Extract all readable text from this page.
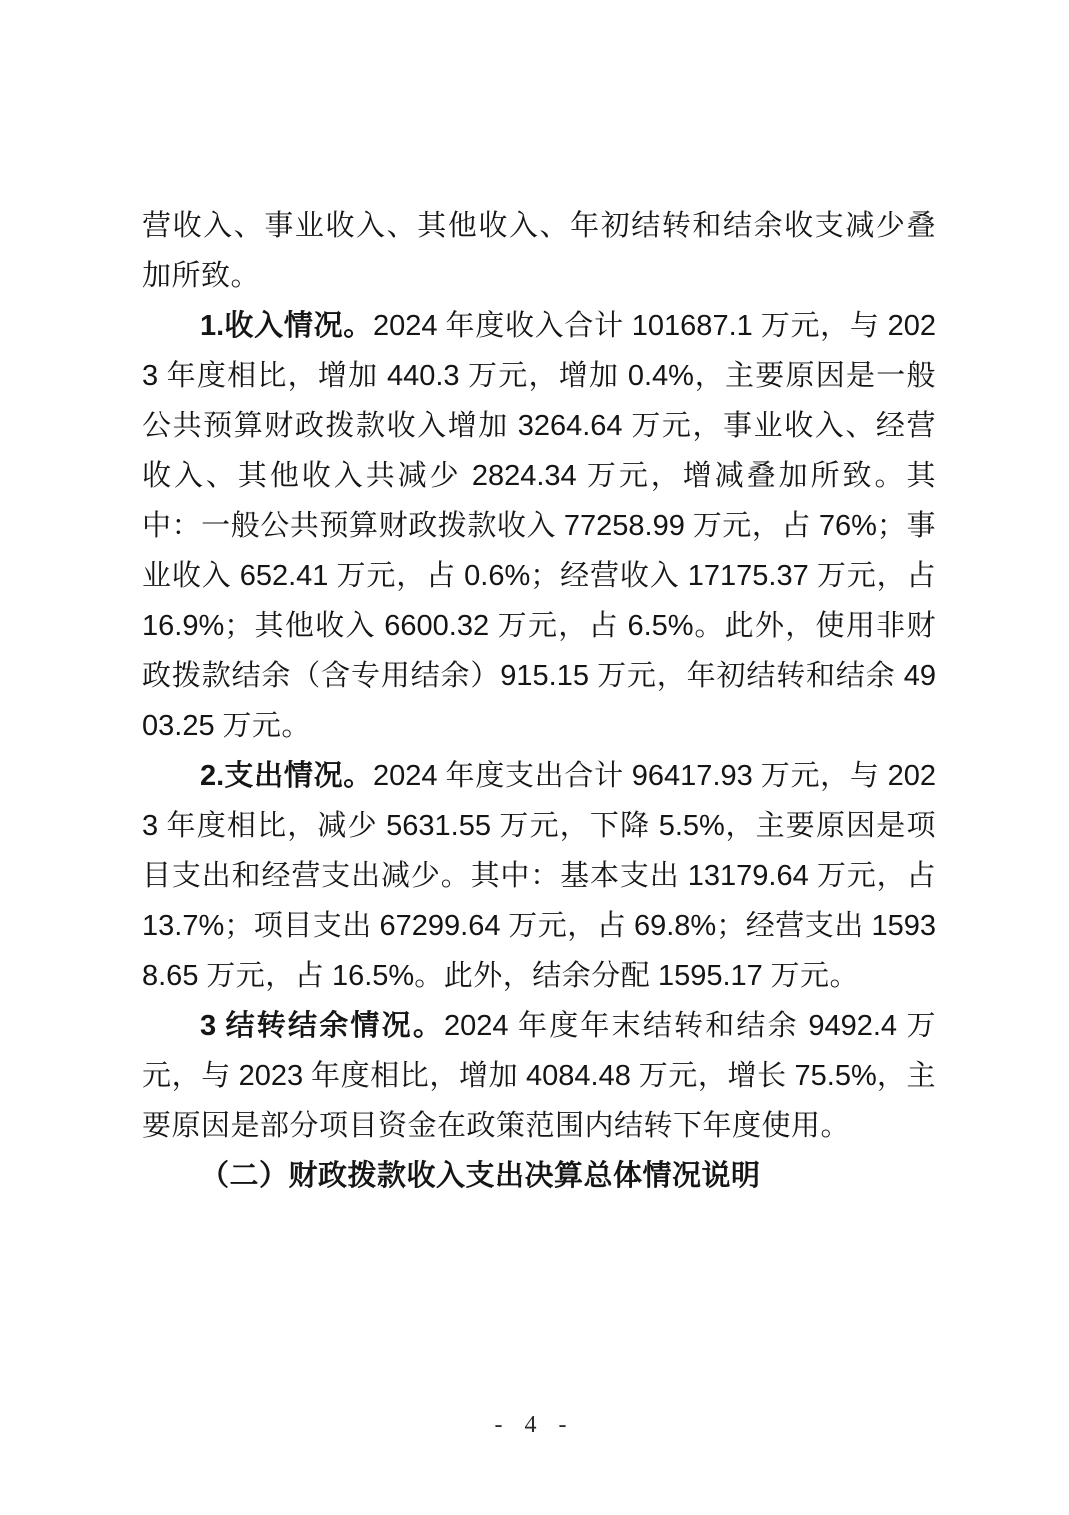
营收入、事业收入、其他收入、年初结转和结余收支减少叠加所致。

1.收入情况。2024 年度收入合计 101687.1 万元，与 2023 年度相比，增加 440.3 万元，增加 0.4%，主要原因是一般公共预算财政拨款收入增加 3264.64 万元，事业收入、经营收入、其他收入共减少 2824.34 万元，增减叠加所致。其中：一般公共预算财政拨款收入 77258.99 万元，占 76%；事业收入 652.41 万元，占 0.6%；经营收入 17175.37 万元，占 16.9%；其他收入 6600.32 万元，占 6.5%。此外，使用非财政拨款结余（含专用结余）915.15 万元，年初结转和结余 4903.25 万元。

2.支出情况。2024 年度支出合计 96417.93 万元，与 2023 年度相比，减少 5631.55 万元，下降 5.5%，主要原因是项目支出和经营支出减少。其中：基本支出 13179.64 万元，占 13.7%；项目支出 67299.64 万元，占 69.8%；经营支出 15938.65 万元，占 16.5%。此外，结余分配 1595.17 万元。

3 结转结余情况。2024 年度年末结转和结余 9492.4 万元，与 2023 年度相比，增加 4084.48 万元，增长 75.5%，主要原因是部分项目资金在政策范围内结转下年度使用。

（二）财政拨款收入支出决算总体情况说明

- 4 -
